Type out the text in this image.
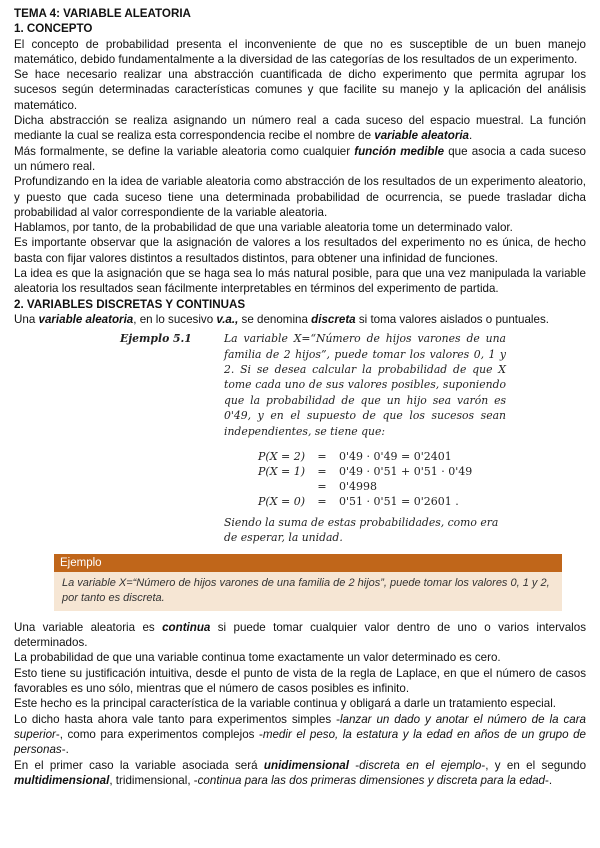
TEMA 4: VARIABLE ALEATORIA
1. CONCEPTO

El concepto de probabilidad presenta el inconveniente de que no es susceptible de un buen manejo matemático, debido fundamentalmente a la diversidad de las categorías de los resultados de un experimento.

Se hace necesario realizar una abstracción cuantificada de dicho experimento que permita agrupar los sucesos según determinadas características comunes y que facilite su manejo y la aplicación del análisis matemático.

Dicha abstracción se realiza asignando un número real a cada suceso del espacio muestral. La función mediante la cual se realiza esta correspondencia recibe el nombre de variable aleatoria.

Más formalmente, se define la variable aleatoria como cualquier función medible que asocia a cada suceso un número real.

Profundizando en la idea de variable aleatoria como abstracción de los resultados de un experimento aleatorio, y puesto que cada suceso tiene una determinada probabilidad de ocurrencia, se puede trasladar dicha probabilidad al valor correspondiente de la variable aleatoria.

Hablamos, por tanto, de la probabilidad de que una variable aleatoria tome un determinado valor.

Es importante observar que la asignación de valores a los resultados del experimento no es única, de hecho basta con fijar valores distintos a resultados distintos, para obtener una infinidad de funciones.

La idea es que la asignación que se haga sea lo más natural posible, para que una vez manipulada la variable aleatoria los resultados sean fácilmente interpretables en términos del experimento de partida.

2. VARIABLES DISCRETAS Y CONTINUAS

Una variable aleatoria, en lo sucesivo v.a., se denomina discreta si toma valores aislados o puntuales.

Ejemplo 5.1	La variable X=“Número de hijos varones de una familia de 2 hijos”, puede tomar los valores 0, 1 y 2. Si se desea calcular la probabilidad de que X tome cada uno de sus valores posibles, suponiendo que la probabilidad de que un hijo sea varón es 0'49, y en el supuesto de que los sucesos sean independientes, se tiene que:
P(X = 2)	=	0'49 · 0'49 = 0'2401
P(X = 1)	=	0'49 · 0'51 + 0'51 · 0'49
	=	0'4998
P(X = 0)	=	0'51 · 0'51 = 0'2601 .
Siendo la suma de estas probabilidades, como era de esperar, la unidad.
Ejemplo
La variable X=“Número de hijos varones de una familia de 2 hijos”, puede tomar los valores 0, 1 y 2, por tanto es discreta.

Una variable aleatoria es continua si puede tomar cualquier valor dentro de uno o varios intervalos determinados.

La probabilidad de que una variable continua tome exactamente un valor determinado es cero.

Esto tiene su justificación intuitiva, desde el punto de vista de la regla de Laplace, en que el número de casos favorables es uno sólo, mientras que el número de casos posibles es infinito.

Este hecho es la principal característica de la variable continua y obligará a darle un tratamiento especial.

Lo dicho hasta ahora vale tanto para experimentos simples -lanzar un dado y anotar el número de la cara superior-, como para experimentos complejos -medir el peso, la estatura y la edad en años de un grupo de personas-.

En el primer caso la variable asociada será unidimensional -discreta en el ejemplo-, y en el segundo multidimensional, tridimensional, -continua para las dos primeras dimensiones y discreta para la edad-.
